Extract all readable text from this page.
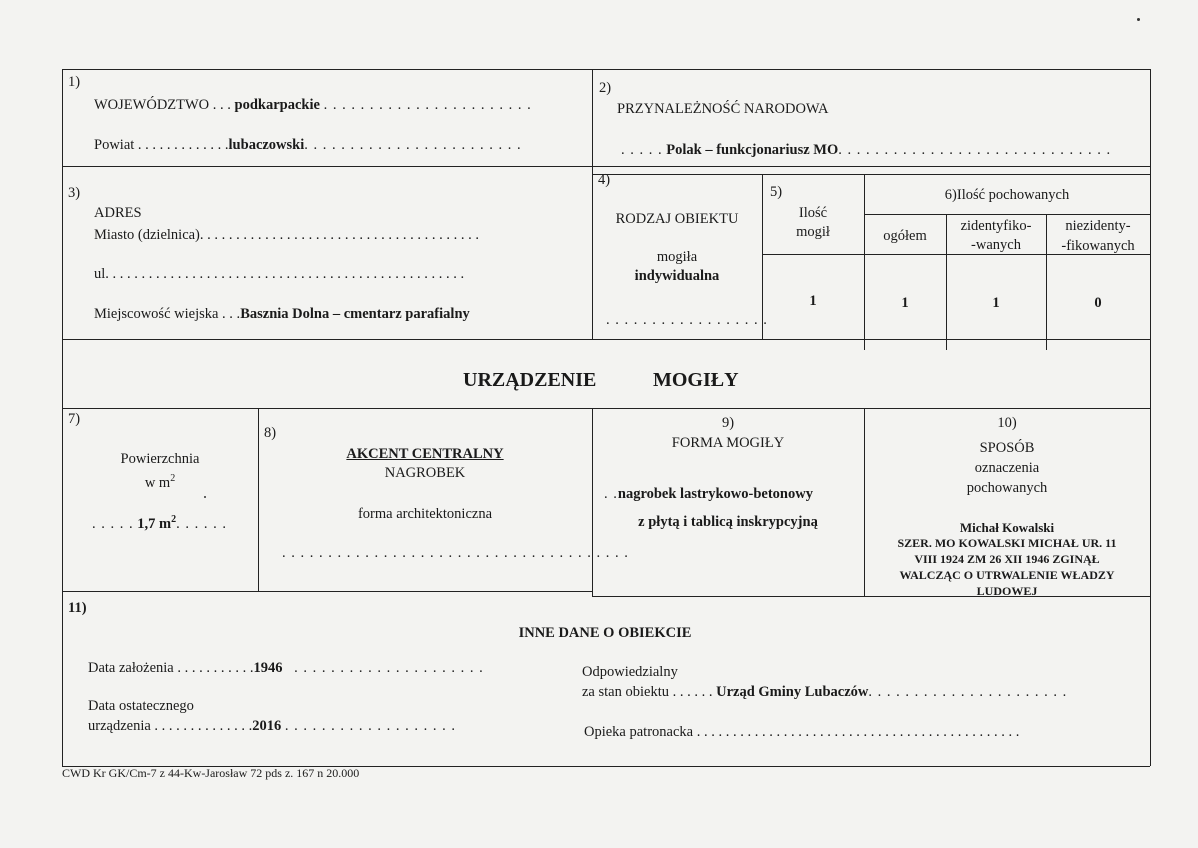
1)
WOJEWÓDZTWO . . . podkarpackie . . . . . . . . . . . . . . . . . . . . . . .
Powiat . . . . . . . . . . . . .lubaczowski. . . . . . . . . . . . . . . . . . . . . . . .
2)
PRZYNALEŻNOŚĆ NARODOWA
. . . . . Polak – funkcjonariusz MO. . . . . . . . . . . . . . . . . . . . . . . . . . . . . .
3)
ADRES
Miasto (dzielnica). . . . . . . . . . . . . . . . . . . . . . . . . . . . . . . . . . . . . . .
ul. . . . . . . . . . . . . . . . . . . . . . . . . . . . . . . . . . . . . . . . . . . . . . . . . .
Miejscowość wiejska . . .Basznia Dolna – cmentarz parafialny
4)
RODZAJ OBIEKTU
mogiła
indywidualna
. . . . . . . . . . . . . . . . . .
5)
Ilość
mogił
1
6)Ilość pochowanych
ogółem
zidentyfiko-
-wanych
niezidenty-
-fikowanych
1	1	0
URZĄDZENIE	MOGIŁY
7)
Powierzchnia
w $m^2$
. . . . . 1,7 $m^2$. . . . . .
8)
AKCENT CENTRALNY
NAGROBEK
forma architektoniczna
. . . . . . . . . . . . . . . . . . . . . . . . . . . . . . . . . . . . . .
9)
FORMA MOGIŁY
. .nagrobek lastrykowo-betonowy
z płytą i tablicą inskrypcyjną
10)
SPOSÓB
oznaczenia
pochowanych
Michał Kowalski
SZER. MO KOWALSKI MICHAŁ UR. 11
VIII 1924 ZM 26 XII 1946 ZGINĄŁ
WALCZĄC O UTRWALENIE WŁADZY
LUDOWEJ
11)
INNE DANE O OBIEKCIE
Data założenia . . . . . . . . . . .1946 . . . . . . . . . . . . . . . . . . . . .
Data ostatecznego
urządzenia . . . . . . . . . . . . . .2016 . . . . . . . . . . . . . . . . . . .
Odpowiedzialny
za stan obiektu . . . . . . Urząd Gminy Lubaczów. . . . . . . . . . . . . . . . . . . . . .
Opieka patronacka . . . . . . . . . . . . . . . . . . . . . . . . . . . . . . . . . . . . . . . . . . . . .
CWD Kr GK/Cm-7 z 44-Kw-Jarosław 72 pds z. 167 n 20.000
